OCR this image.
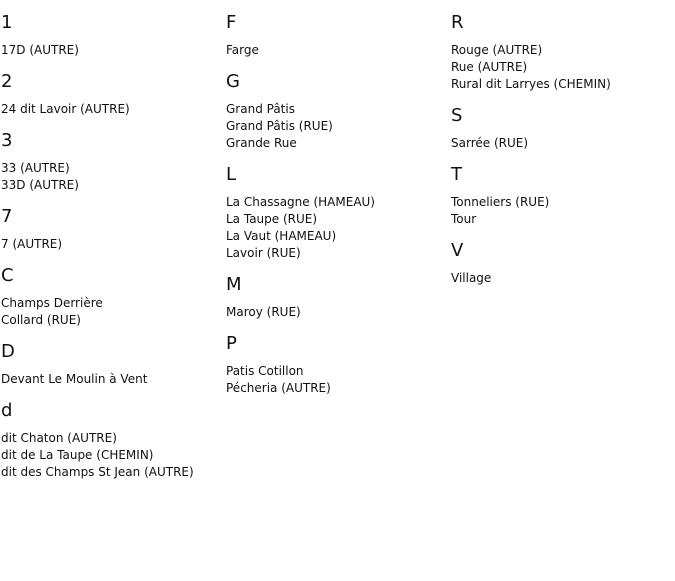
1
17D (AUTRE)
2
24 dit Lavoir (AUTRE)
3
33 (AUTRE)
33D (AUTRE)
7
7 (AUTRE)
C
Champs Derrière
Collard (RUE)
D
Devant Le Moulin à Vent
d
dit Chaton (AUTRE)
dit de La Taupe (CHEMIN)
dit des Champs St Jean (AUTRE)
F
Farge
G
Grand Pâtis
Grand Pâtis (RUE)
Grande Rue
L
La Chassagne (HAMEAU)
La Taupe (RUE)
La Vaut (HAMEAU)
Lavoir (RUE)
M
Maroy (RUE)
P
Patis Cotillon
Pécheria (AUTRE)
R
Rouge (AUTRE)
Rue (AUTRE)
Rural dit Larryes (CHEMIN)
S
Sarrée (RUE)
T
Tonneliers (RUE)
Tour
V
Village
